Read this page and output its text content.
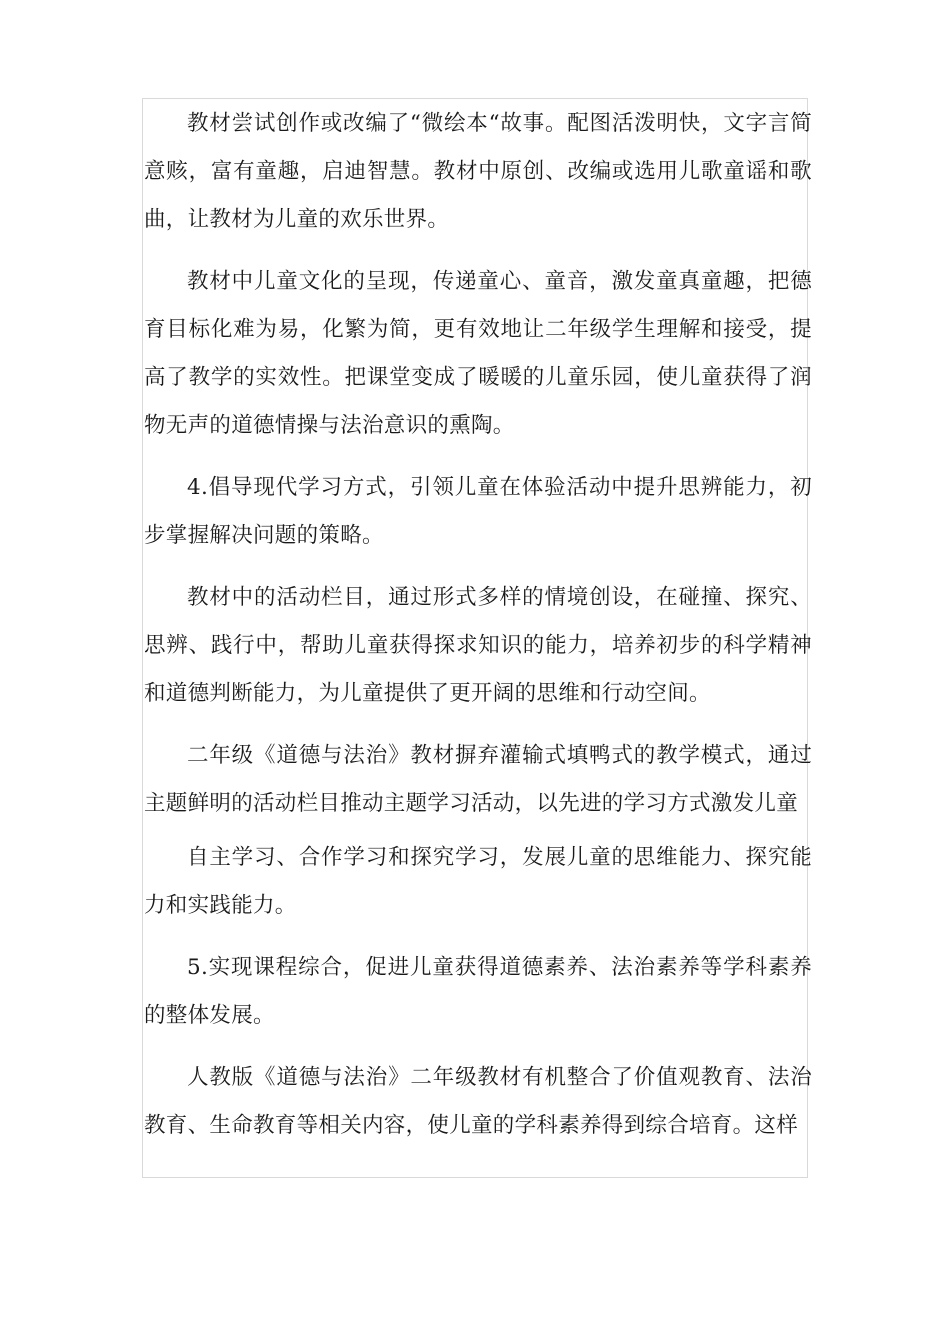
教材尝试创作或改编了“微绘本“故事。配图活泼明快，文字言简意赅，富有童趣，启迪智慧。教材中原创、改编或选用儿歌童谣和歌曲，让教材为儿童的欢乐世界。

教材中儿童文化的呈现，传递童心、童音，激发童真童趣，把德育目标化难为易，化繁为简，更有效地让二年级学生理解和接受，提高了教学的实效性。把课堂变成了暖暖的儿童乐园，使儿童获得了润物无声的道德情操与法治意识的熏陶。

4.倡导现代学习方式，引领儿童在体验活动中提升思辨能力，初步掌握解决问题的策略。

教材中的活动栏目，通过形式多样的情境创设，在碰撞、探究、思辨、践行中，帮助儿童获得探求知识的能力，培养初步的科学精神和道德判断能力，为儿童提供了更开阔的思维和行动空间。

二年级《道德与法治》教材摒弃灌输式填鸭式的教学模式，通过主题鲜明的活动栏目推动主题学习活动，以先进的学习方式激发儿童

自主学习、合作学习和探究学习，发展儿童的思维能力、探究能力和实践能力。

5.实现课程综合，促进儿童获得道德素养、法治素养等学科素养的整体发展。

人教版《道德与法治》二年级教材有机整合了价值观教育、法治教育、生命教育等相关内容，使儿童的学科素养得到综合培育。这样
